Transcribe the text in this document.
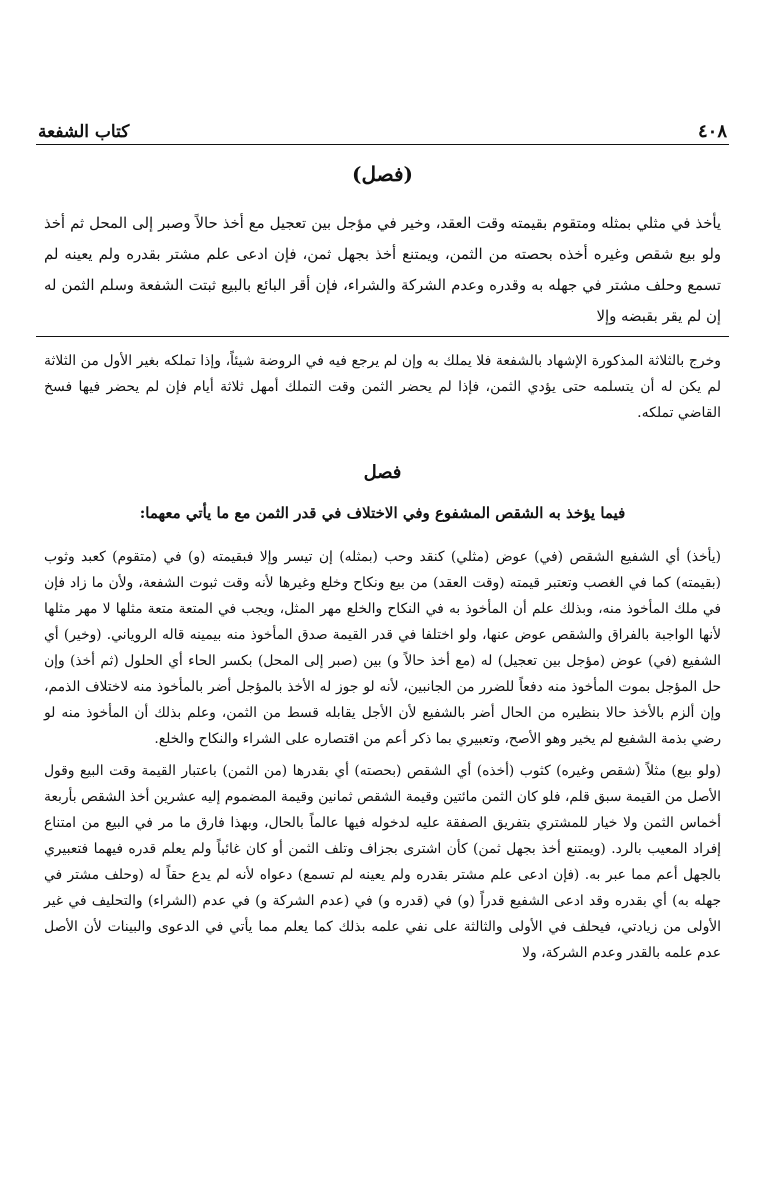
كتاب الشفعة	٤٠٨
(فصل)

يأخذ في مثلي بمثله ومتقوم بقيمته وقت العقد، وخير في مؤجل بين تعجيل مع أخذ حالاً وصبر إلى المحل ثم أخذ ولو بيع شقص وغيره أخذه بحصته من الثمن، ويمتنع أخذ بجهل ثمن، فإن ادعى علم مشتر بقدره ولم يعينه لم تسمع وحلف مشتر في جهله به وقدره وعدم الشركة والشراء، فإن أقر البائع بالبيع ثبتت الشفعة وسلم الثمن له إن لم يقر بقبضه وإلا

وخرج بالثلاثة المذكورة الإشهاد بالشفعة فلا يملك به وإن لم يرجع فيه في الروضة شيئاً، وإذا تملكه بغير الأول من الثلاثة لم يكن له أن يتسلمه حتى يؤدي الثمن، فإذا لم يحضر الثمن وقت التملك أمهل ثلاثة أيام فإن لم يحضر فيها فسخ القاضي تملكه.

فصل
فيما يؤخذ به الشقص المشفوع وفي الاختلاف في قدر الثمن مع ما يأتي معهما:

(يأخذ) أي الشفيع الشقص (في) عوض (مثلي) كنقد وحب (بمثله) إن تيسر وإلا فبقيمته (و) في (متقوم) كعبد وثوب (بقيمته) كما في الغصب وتعتبر قيمته (وقت العقد) من بيع ونكاح وخلع وغيرها لأنه وقت ثبوت الشفعة، ولأن ما زاد فإن في ملك المأخوذ منه، وبذلك علم أن المأخوذ به في النكاح والخلع مهر المثل، ويجب في المتعة متعة مثلها لا مهر مثلها لأنها الواجبة بالفراق والشقص عوض عنها، ولو اختلفا في قدر القيمة صدق المأخوذ منه بيمينه قاله الروياني. (وخير) أي الشفيع (في) عوض (مؤجل بين تعجيل) له (مع أخذ حالاً و) بين (صبر إلى المحل) بكسر الحاء أي الحلول (ثم أخذ) وإن حل المؤجل بموت المأخوذ منه دفعاً للضرر من الجانبين، لأنه لو جوز له الأخذ بالمؤجل أضر بالمأخوذ منه لاختلاف الذمم، وإن ألزم بالأخذ حالا بنظيره من الحال أضر بالشفيع لأن الأجل يقابله قسط من الثمن، وعلم بذلك أن المأخوذ منه لو رضي بذمة الشفيع لم يخير وهو الأصح، وتعبيري بما ذكر أعم من اقتصاره على الشراء والنكاح والخلع.

(ولو بيع) مثلاً (شقص وغيره) كثوب (أخذه) أي الشقص (بحصته) أي بقدرها (من الثمن) باعتبار القيمة وقت البيع وقول الأصل من القيمة سبق قلم، فلو كان الثمن مائتين وقيمة الشقص ثمانين وقيمة المضموم إليه عشرين أخذ الشقص بأربعة أخماس الثمن ولا خيار للمشتري بتفريق الصفقة عليه لدخوله فيها عالماً بالحال، وبهذا فارق ما مر في البيع من امتناع إفراد المعيب بالرد. (ويمتنع أخذ بجهل ثمن) كأن اشترى بجزاف وتلف الثمن أو كان غائباً ولم يعلم قدره فيهما فتعبيري بالجهل أعم مما عبر به. (فإن ادعى علم مشتر بقدره ولم يعينه لم تسمع) دعواه لأنه لم يدع حقاً له (وحلف مشتر في جهله به) أي بقدره وقد ادعى الشفيع قدراً (و) في (قدره و) في (عدم الشركة و) في عدم (الشراء) والتحليف في غير الأولى من زيادتي، فيحلف في الأولى والثالثة على نفي علمه بذلك كما يعلم مما يأتي في الدعوى والبينات لأن الأصل عدم علمه بالقدر وعدم الشركة، ولا
